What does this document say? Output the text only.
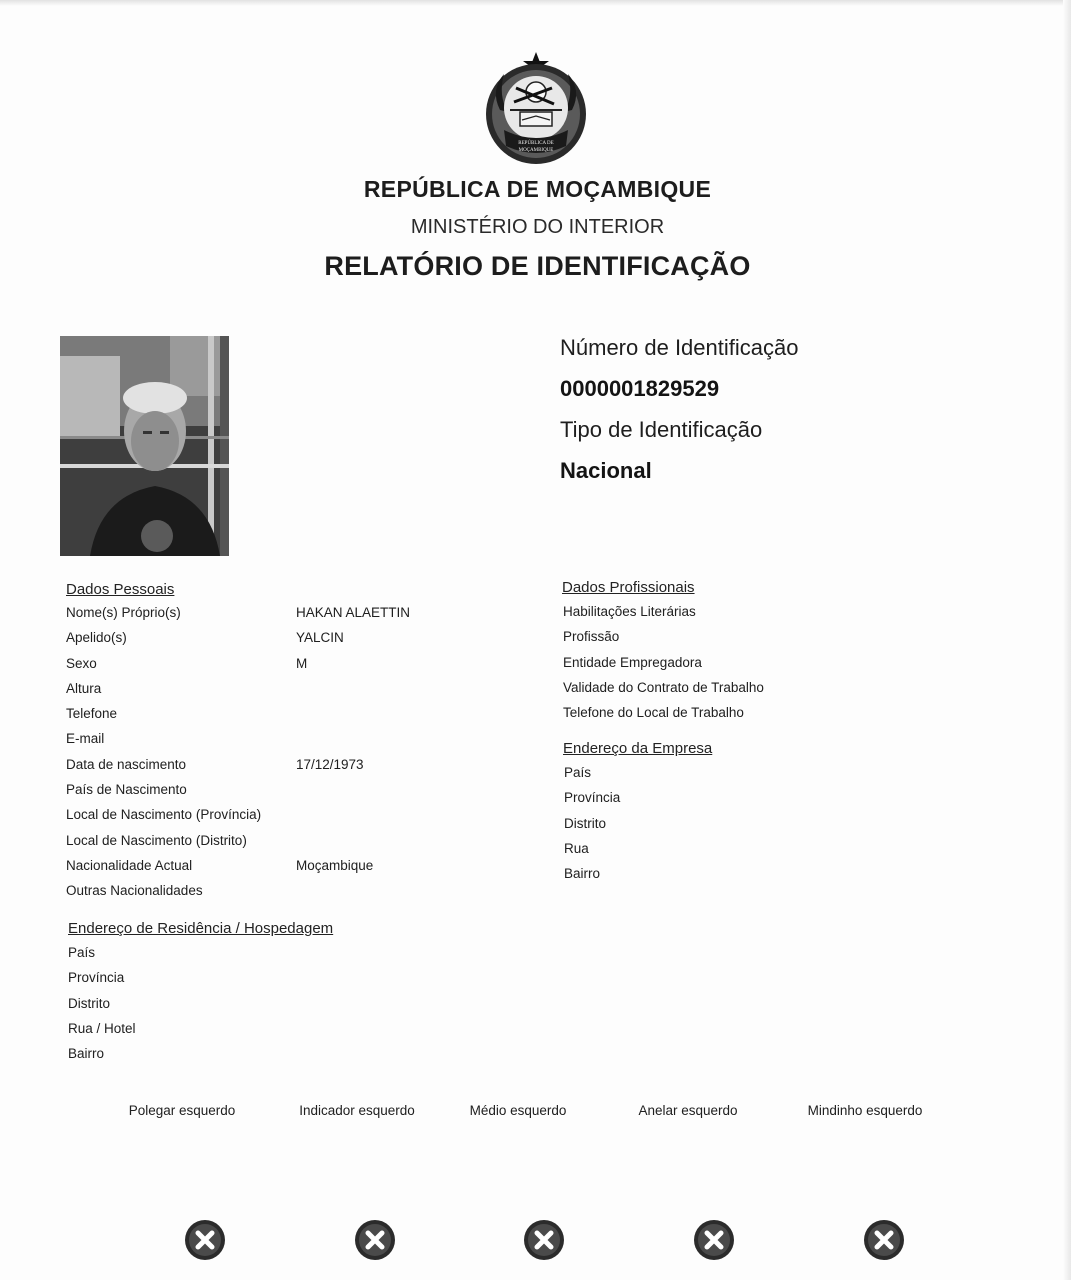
REPÚBLICA DE
MOÇAMBIQUE
REPÚBLICA DE MOÇAMBIQUE
MINISTÉRIO DO INTERIOR
RELATÓRIO DE IDENTIFICAÇÃO
Número de Identificação
0000001829529
Tipo de Identificação
Nacional
Dados Pessoais
Nome(s) Próprio(s)	HAKAN ALAETTIN
Apelido(s)	YALCIN
Sexo	M
Altura
Telefone
E-mail
Data de nascimento	17/12/1973
País de Nascimento
Local de Nascimento (Província)
Local de Nascimento (Distrito)
Nacionalidade Actual	Moçambique
Outras Nacionalidades
Endereço de Residência / Hospedagem
País
Província
Distrito
Rua / Hotel
Bairro
Dados Profissionais
Habilitações Literárias
Profissão
Entidade Empregadora
Validade do Contrato de Trabalho
Telefone do Local de Trabalho
Endereço da Empresa
País
Província
Distrito
Rua
Bairro
Polegar esquerdo	Indicador esquerdo	Médio esquerdo	Anelar esquerdo	Mindinho esquerdo
